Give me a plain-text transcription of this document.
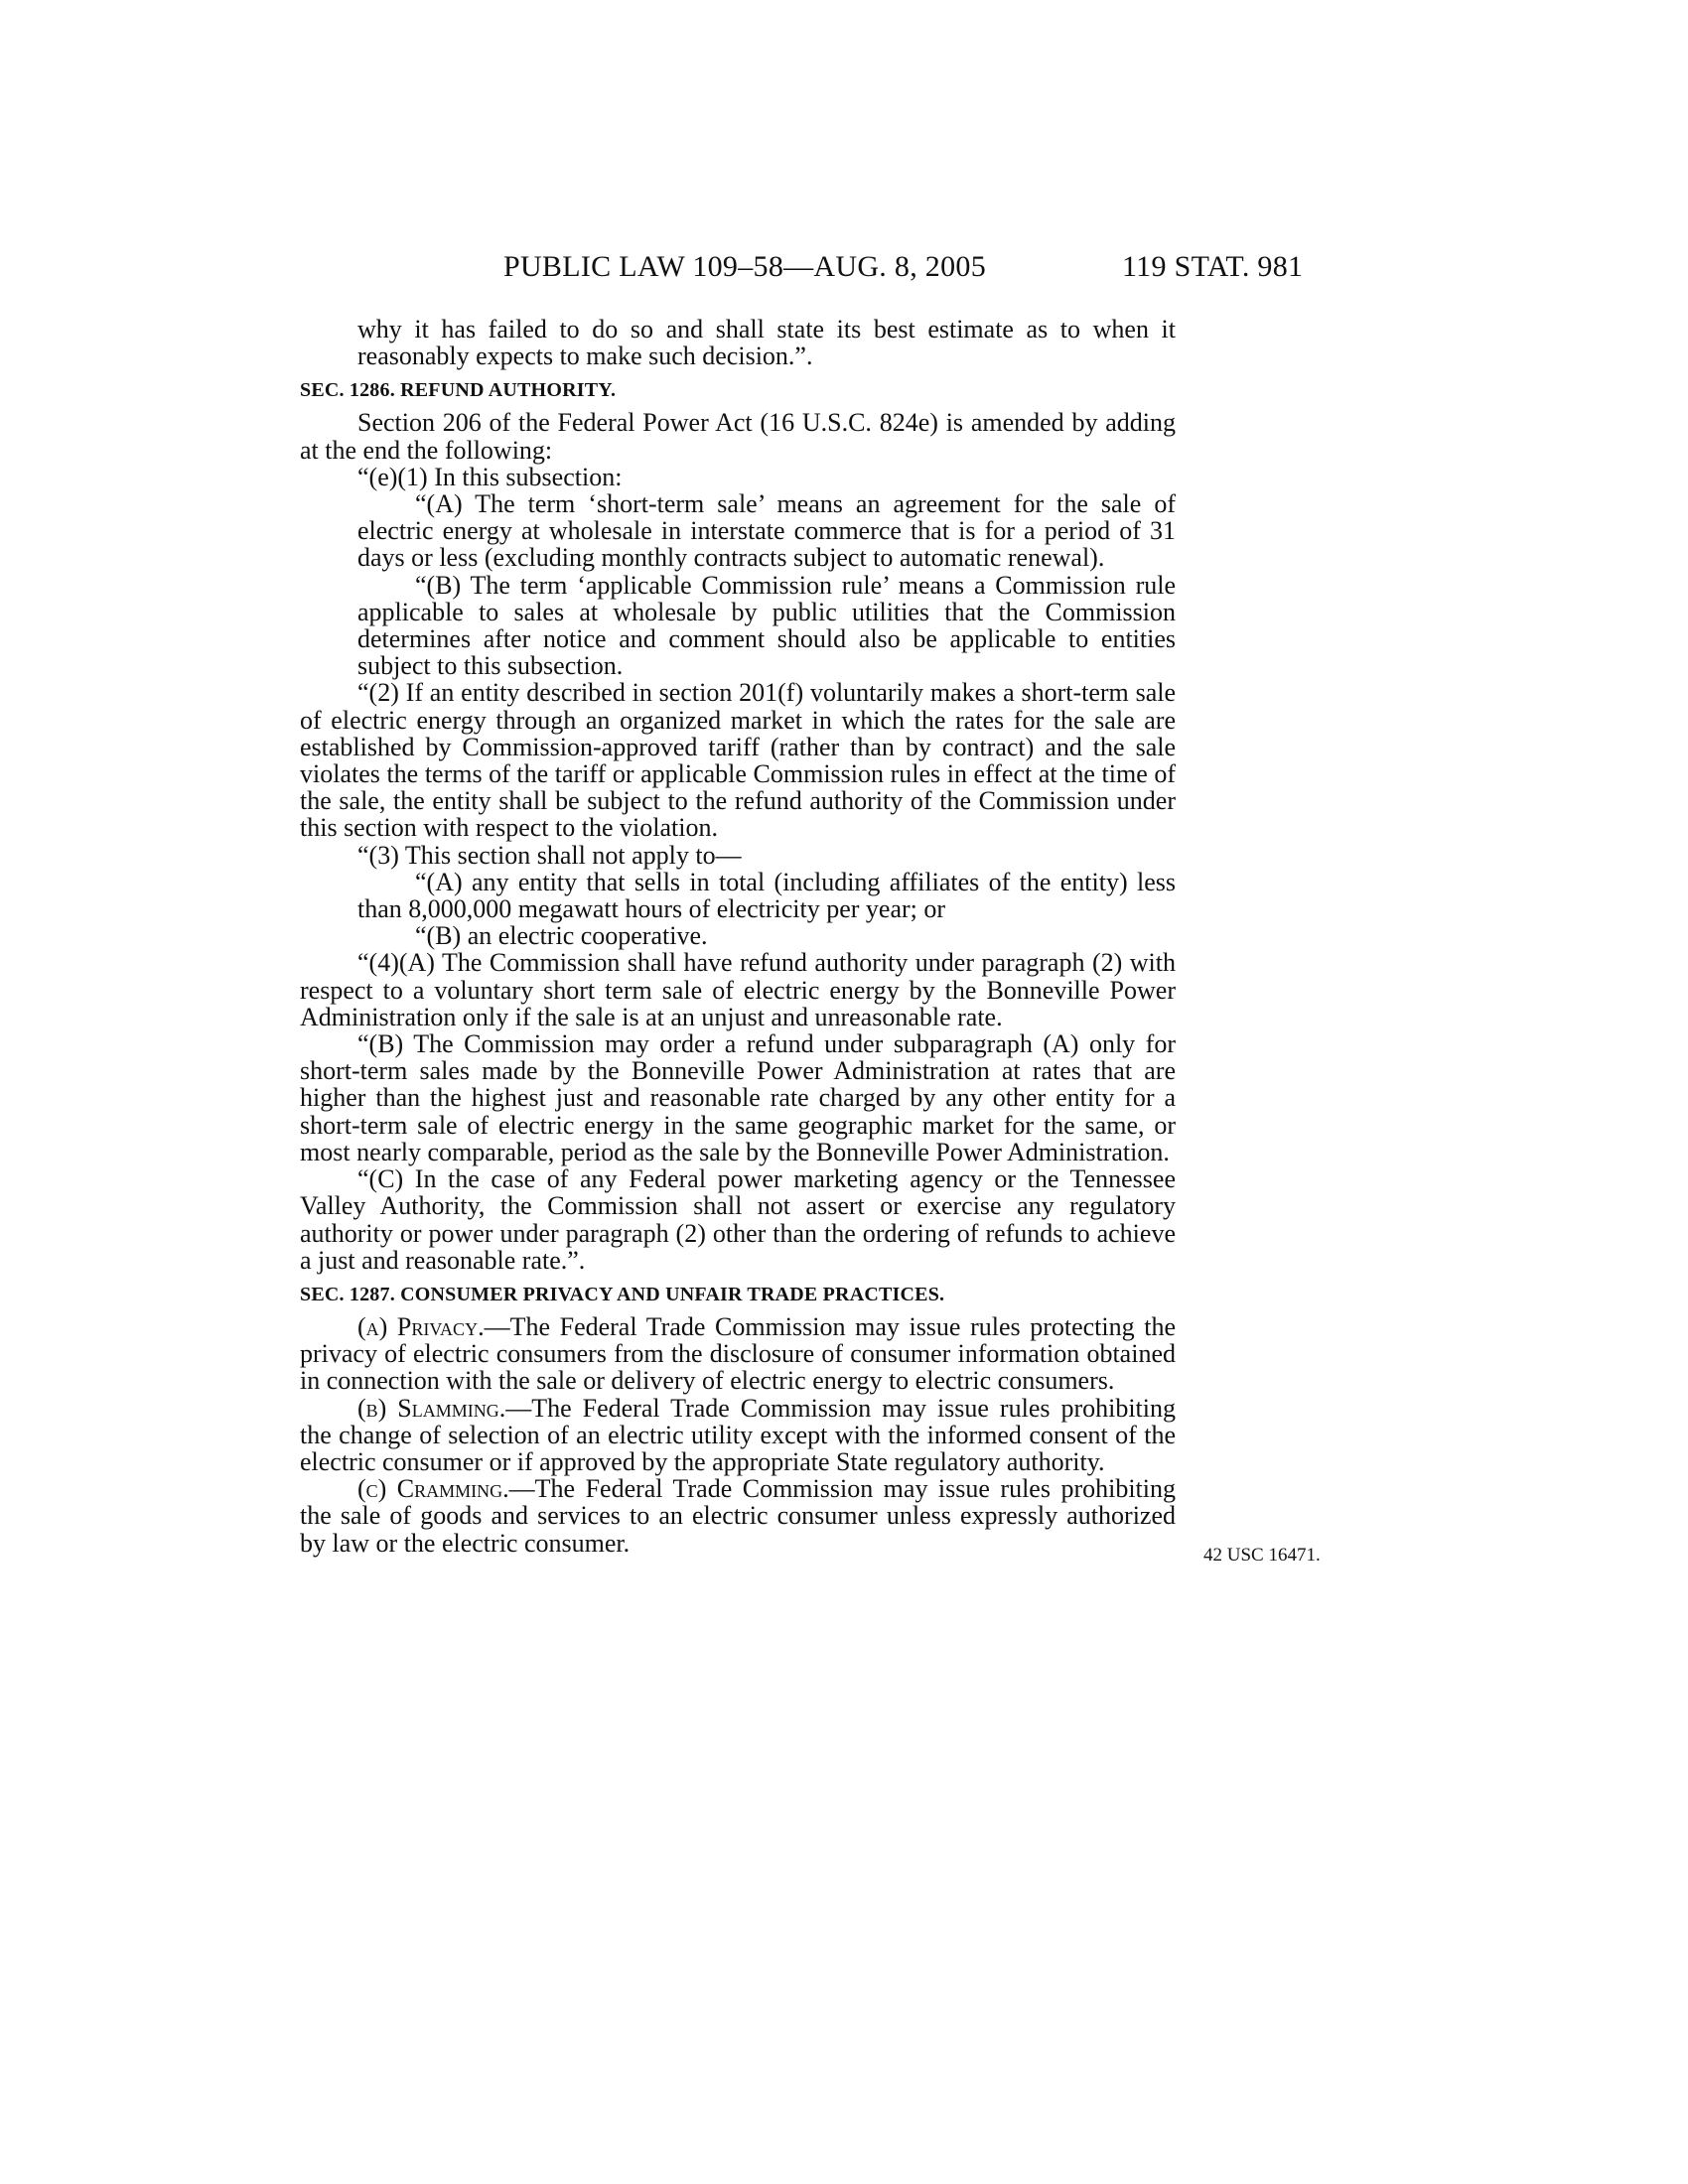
PUBLIC LAW 109–58—AUG. 8, 2005	119 STAT. 981

why it has failed to do so and shall state its best estimate as to when it reasonably expects to make such decision.”.

SEC. 1286. REFUND AUTHORITY.

Section 206 of the Federal Power Act (16 U.S.C. 824e) is amended by adding at the end the following:

“(e)(1) In this subsection:

“(A) The term ‘short-term sale’ means an agreement for the sale of electric energy at wholesale in interstate commerce that is for a period of 31 days or less (excluding monthly contracts subject to automatic renewal).

“(B) The term ‘applicable Commission rule’ means a Commission rule applicable to sales at wholesale by public utilities that the Commission determines after notice and comment should also be applicable to entities subject to this subsection.

“(2) If an entity described in section 201(f) voluntarily makes a short-term sale of electric energy through an organized market in which the rates for the sale are established by Commission-approved tariff (rather than by contract) and the sale violates the terms of the tariff or applicable Commission rules in effect at the time of the sale, the entity shall be subject to the refund authority of the Commission under this section with respect to the violation.

“(3) This section shall not apply to—

“(A) any entity that sells in total (including affiliates of the entity) less than 8,000,000 megawatt hours of electricity per year; or

“(B) an electric cooperative.

“(4)(A) The Commission shall have refund authority under paragraph (2) with respect to a voluntary short term sale of electric energy by the Bonneville Power Administration only if the sale is at an unjust and unreasonable rate.

“(B) The Commission may order a refund under subparagraph (A) only for short-term sales made by the Bonneville Power Administration at rates that are higher than the highest just and reasonable rate charged by any other entity for a short-term sale of electric energy in the same geographic market for the same, or most nearly comparable, period as the sale by the Bonneville Power Administration.

“(C) In the case of any Federal power marketing agency or the Tennessee Valley Authority, the Commission shall not assert or exercise any regulatory authority or power under paragraph (2) other than the ordering of refunds to achieve a just and reasonable rate.”.

SEC. 1287. CONSUMER PRIVACY AND UNFAIR TRADE PRACTICES.

(a) Privacy.—The Federal Trade Commission may issue rules protecting the privacy of electric consumers from the disclosure of consumer information obtained in connection with the sale or delivery of electric energy to electric consumers.

(b) Slamming.—The Federal Trade Commission may issue rules prohibiting the change of selection of an electric utility except with the informed consent of the electric consumer or if approved by the appropriate State regulatory authority.

(c) Cramming.—The Federal Trade Commission may issue rules prohibiting the sale of goods and services to an electric consumer unless expressly authorized by law or the electric consumer.	42 USC 16471.
